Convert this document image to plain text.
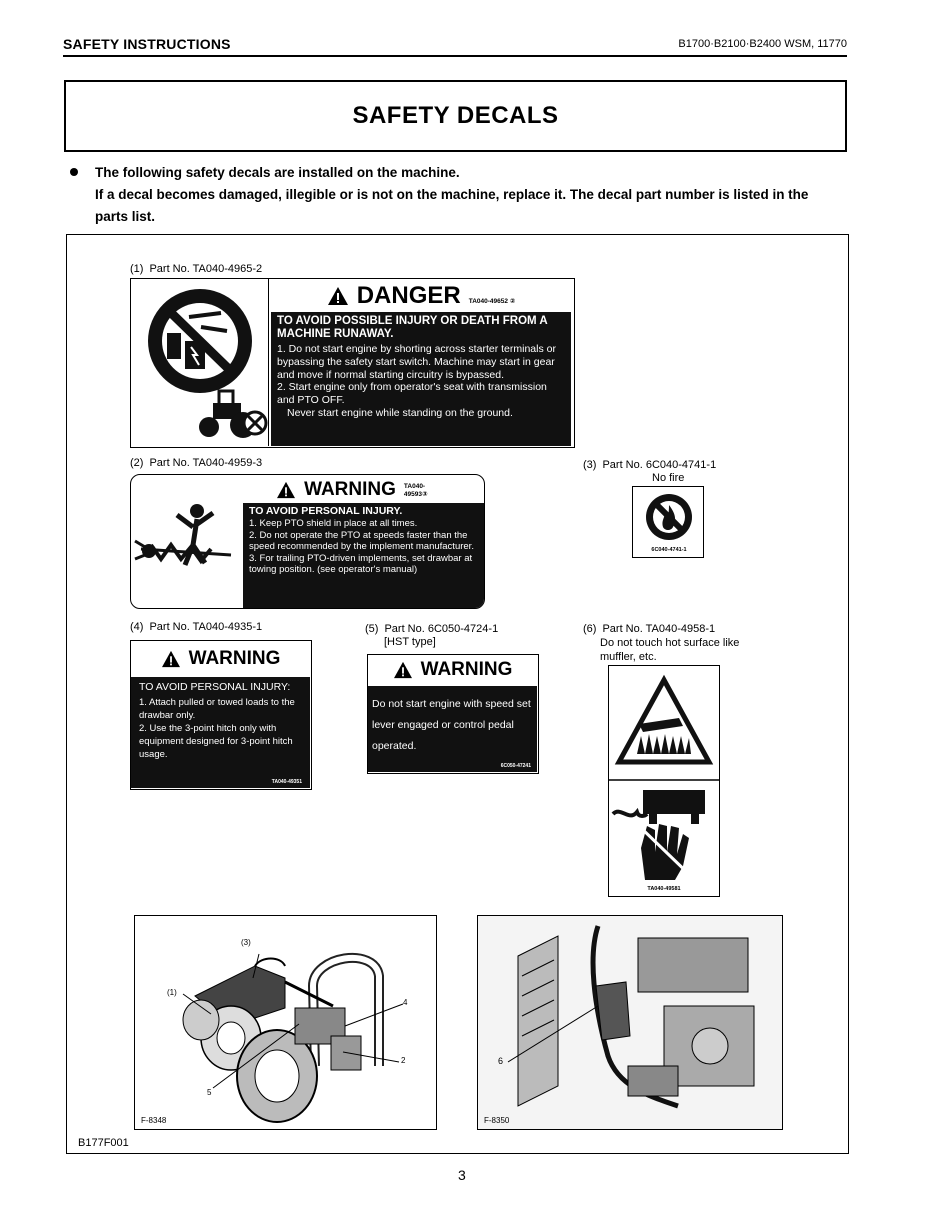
SAFETY INSTRUCTIONS	B1700·B2100·B2400 WSM, 11770
SAFETY DECALS
The following safety decals are installed on the machine.
If a decal becomes damaged, illegible or is not on the machine, replace it. The decal part number is listed in the parts list.
(1) Part No. TA040-4965-2
DANGER TA040-49652 ②
TO AVOID POSSIBLE INJURY OR DEATH FROM A MACHINE RUNAWAY.
1. Do not start engine by shorting across starter terminals or bypassing the safety start switch. Machine may start in gear and move if normal starting circuitry is bypassed.
2. Start engine only from operator's seat with transmission and PTO OFF.
Never start engine while standing on the ground.
(2) Part No. TA040-4959-3
WARNING TA040-49593③
TO AVOID PERSONAL INJURY.
1. Keep PTO shield in place at all times.
2. Do not operate the PTO at speeds faster than the speed recommended by the implement manufacturer.
3. For trailing PTO-driven implements, set drawbar at towing position. (see operator's manual)
(3) Part No. 6C040-4741-1
No fire
6C040-4741-1
(4) Part No. TA040-4935-1
WARNING
TO AVOID PERSONAL INJURY:
1. Attach pulled or towed loads to the drawbar only.
2. Use the 3-point hitch only with equipment designed for 3-point hitch usage.
TA040-49351
(5) Part No. 6C050-4724-1
[HST type]
WARNING
Do not start engine with speed set lever engaged or control pedal operated.
6C050-47241
(6) Part No. TA040-4958-1
Do not touch hot surface like muffler, etc.
TA040-49581
(3)
(1)
4
2
5
F-8348
6
F-8350
B177F001
3
